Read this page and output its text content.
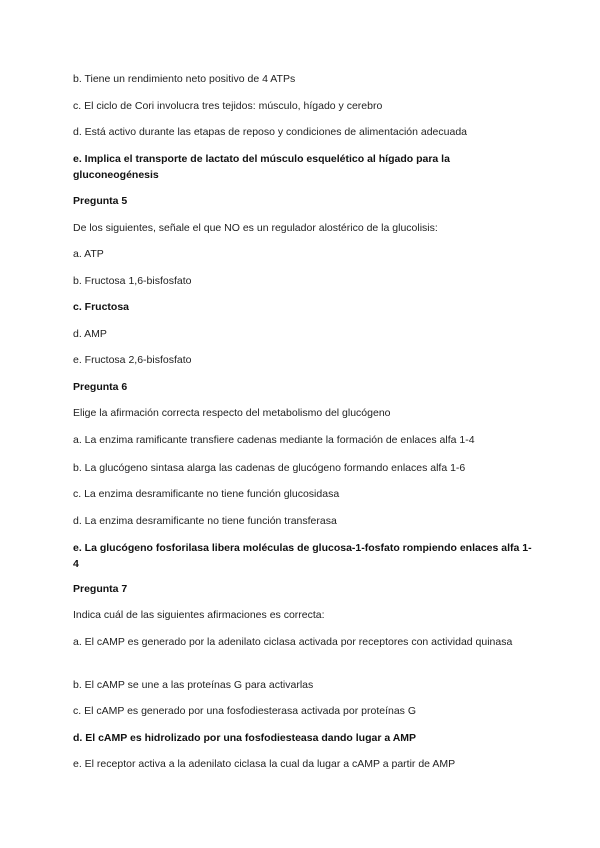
b. Tiene un rendimiento neto positivo de 4 ATPs
c. El ciclo de Cori involucra tres tejidos: músculo, hígado y cerebro
d. Está activo durante las etapas de reposo y condiciones de alimentación adecuada
e. Implica el transporte de lactato del músculo esquelético al hígado para la gluconeogénesis
Pregunta 5
De los siguientes, señale el que NO es un regulador alostérico de la glucolisis:
a. ATP
b. Fructosa 1,6-bisfosfato
c. Fructosa
d. AMP
e. Fructosa 2,6-bisfosfato
Pregunta 6
Elige la afirmación correcta respecto del metabolismo del glucógeno
a. La enzima ramificante transfiere cadenas mediante la formación de enlaces alfa 1-4
b. La glucógeno sintasa alarga las cadenas de glucógeno formando enlaces alfa 1-6
c. La enzima desramificante no tiene función glucosidasa
d. La enzima desramificante no tiene función transferasa
e. La glucógeno fosforilasa libera moléculas de glucosa-1-fosfato rompiendo enlaces alfa 1-4
Pregunta 7
Indica cuál de las siguientes afirmaciones es correcta:
a. El cAMP es generado por la adenilato ciclasa activada por receptores con actividad quinasa
b. El cAMP se une a las proteínas G para activarlas
c. El cAMP es generado por una fosfodiesterasa activada por proteínas G
d. El cAMP es hidrolizado por una fosfodiesteasa dando lugar a AMP
e. El receptor activa a la adenilato ciclasa la cual da lugar a cAMP a partir de AMP
